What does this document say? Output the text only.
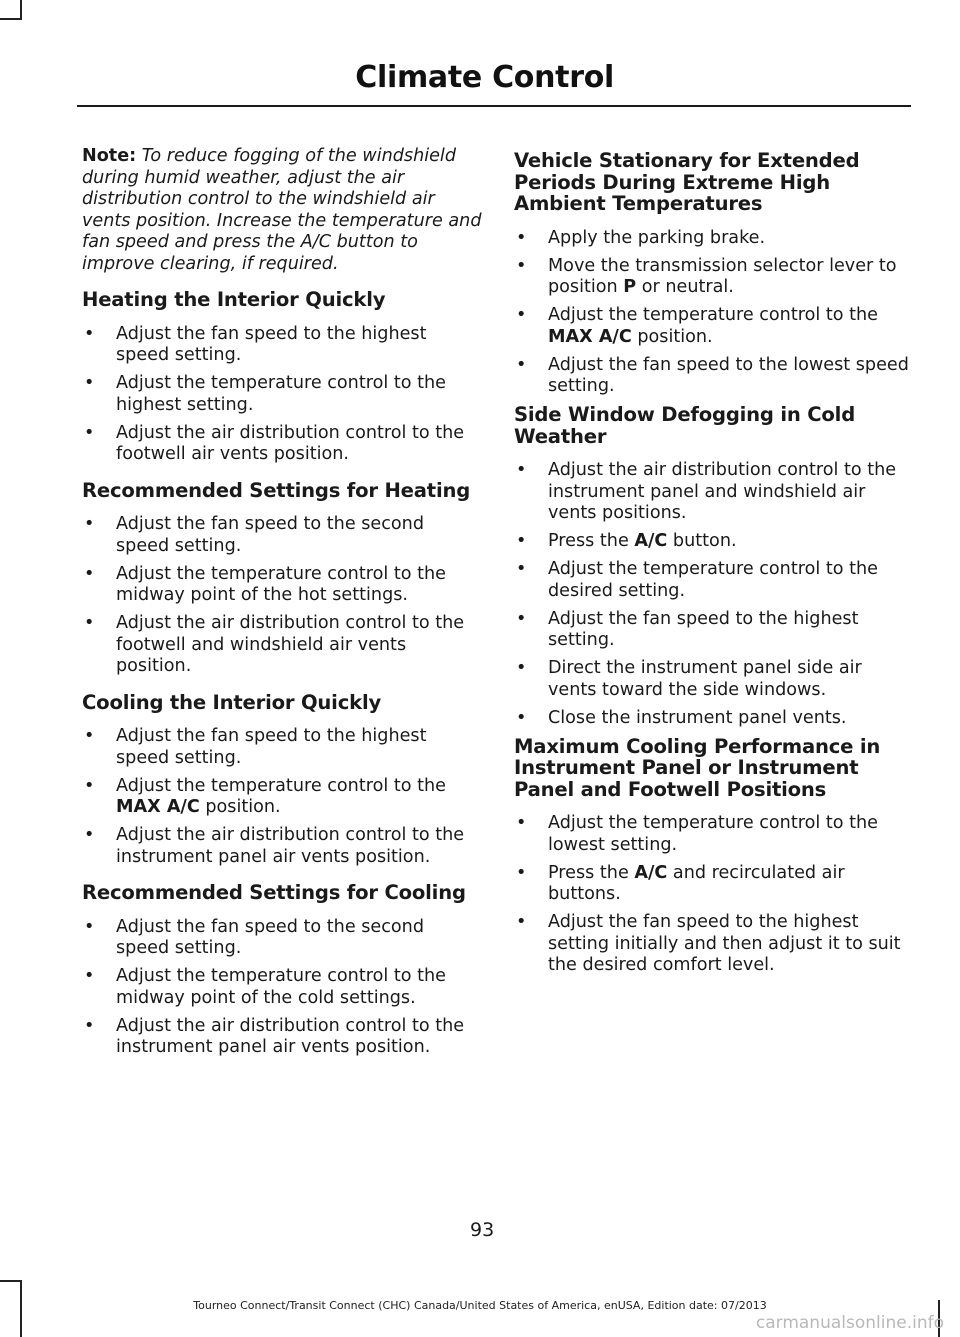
Climate Control

Note: To reduce fogging of the windshield during humid weather, adjust the air distribution control to the windshield air vents position. Increase the temperature and fan speed and press the A/C button to improve clearing, if required.

Heating the Interior Quickly
• Adjust the fan speed to the highest speed setting.
• Adjust the temperature control to the highest setting.
• Adjust the air distribution control to the footwell air vents position.
Recommended Settings for Heating
• Adjust the fan speed to the second speed setting.
• Adjust the temperature control to the midway point of the hot settings.
• Adjust the air distribution control to the footwell and windshield air vents position.
Cooling the Interior Quickly
• Adjust the fan speed to the highest speed setting.
• Adjust the temperature control to the MAX A/C position.
• Adjust the air distribution control to the instrument panel air vents position.
Recommended Settings for Cooling
• Adjust the fan speed to the second speed setting.
• Adjust the temperature control to the midway point of the cold settings.
• Adjust the air distribution control to the instrument panel air vents position.
Vehicle Stationary for Extended Periods During Extreme High Ambient Temperatures
• Apply the parking brake.
• Move the transmission selector lever to position P or neutral.
• Adjust the temperature control to the MAX A/C position.
• Adjust the fan speed to the lowest speed setting.
Side Window Defogging in Cold Weather
• Adjust the air distribution control to the instrument panel and windshield air vents positions.
• Press the A/C button.
• Adjust the temperature control to the desired setting.
• Adjust the fan speed to the highest setting.
• Direct the instrument panel side air vents toward the side windows.
• Close the instrument panel vents.
Maximum Cooling Performance in Instrument Panel or Instrument Panel and Footwell Positions
• Adjust the temperature control to the lowest setting.
• Press the A/C and recirculated air buttons.
• Adjust the fan speed to the highest setting initially and then adjust it to suit the desired comfort level.
93
Tourneo Connect/Transit Connect (CHC) Canada/United States of America, enUSA, Edition date: 07/2013
carmanualsonline.info
